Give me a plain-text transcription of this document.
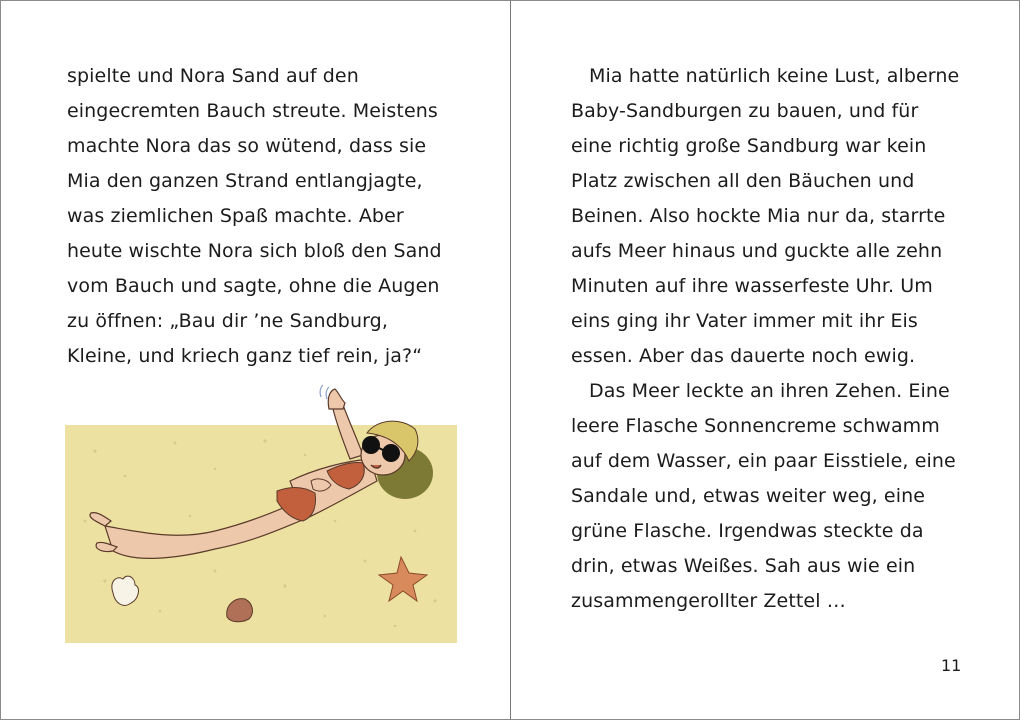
spielte und Nora Sand auf den
eingecremten Bauch streute. Meistens
machte Nora das so wütend, dass sie
Mia den ganzen Strand entlangjagte,
was ziemlichen Spaß machte. Aber
heute wischte Nora sich bloß den Sand
vom Bauch und sagte, ohne die Augen
zu öffnen: „Bau dir ’ne Sandburg,
Kleine, und kriech ganz tief rein, ja?“
Mia hatte natürlich keine Lust, alberne
Baby-Sandburgen zu bauen, und für
eine richtig große Sandburg war kein
Platz zwischen all den Bäuchen und
Beinen. Also hockte Mia nur da, starrte
aufs Meer hinaus und guckte alle zehn
Minuten auf ihre wasserfeste Uhr. Um
eins ging ihr Vater immer mit ihr Eis
essen. Aber das dauerte noch ewig.
Das Meer leckte an ihren Zehen. Eine
leere Flasche Sonnencreme schwamm
auf dem Wasser, ein paar Eisstiele, eine
Sandale und, etwas weiter weg, eine
grüne Flasche. Irgendwas steckte da
drin, etwas Weißes. Sah aus wie ein
zusammengerollter Zettel …
11
